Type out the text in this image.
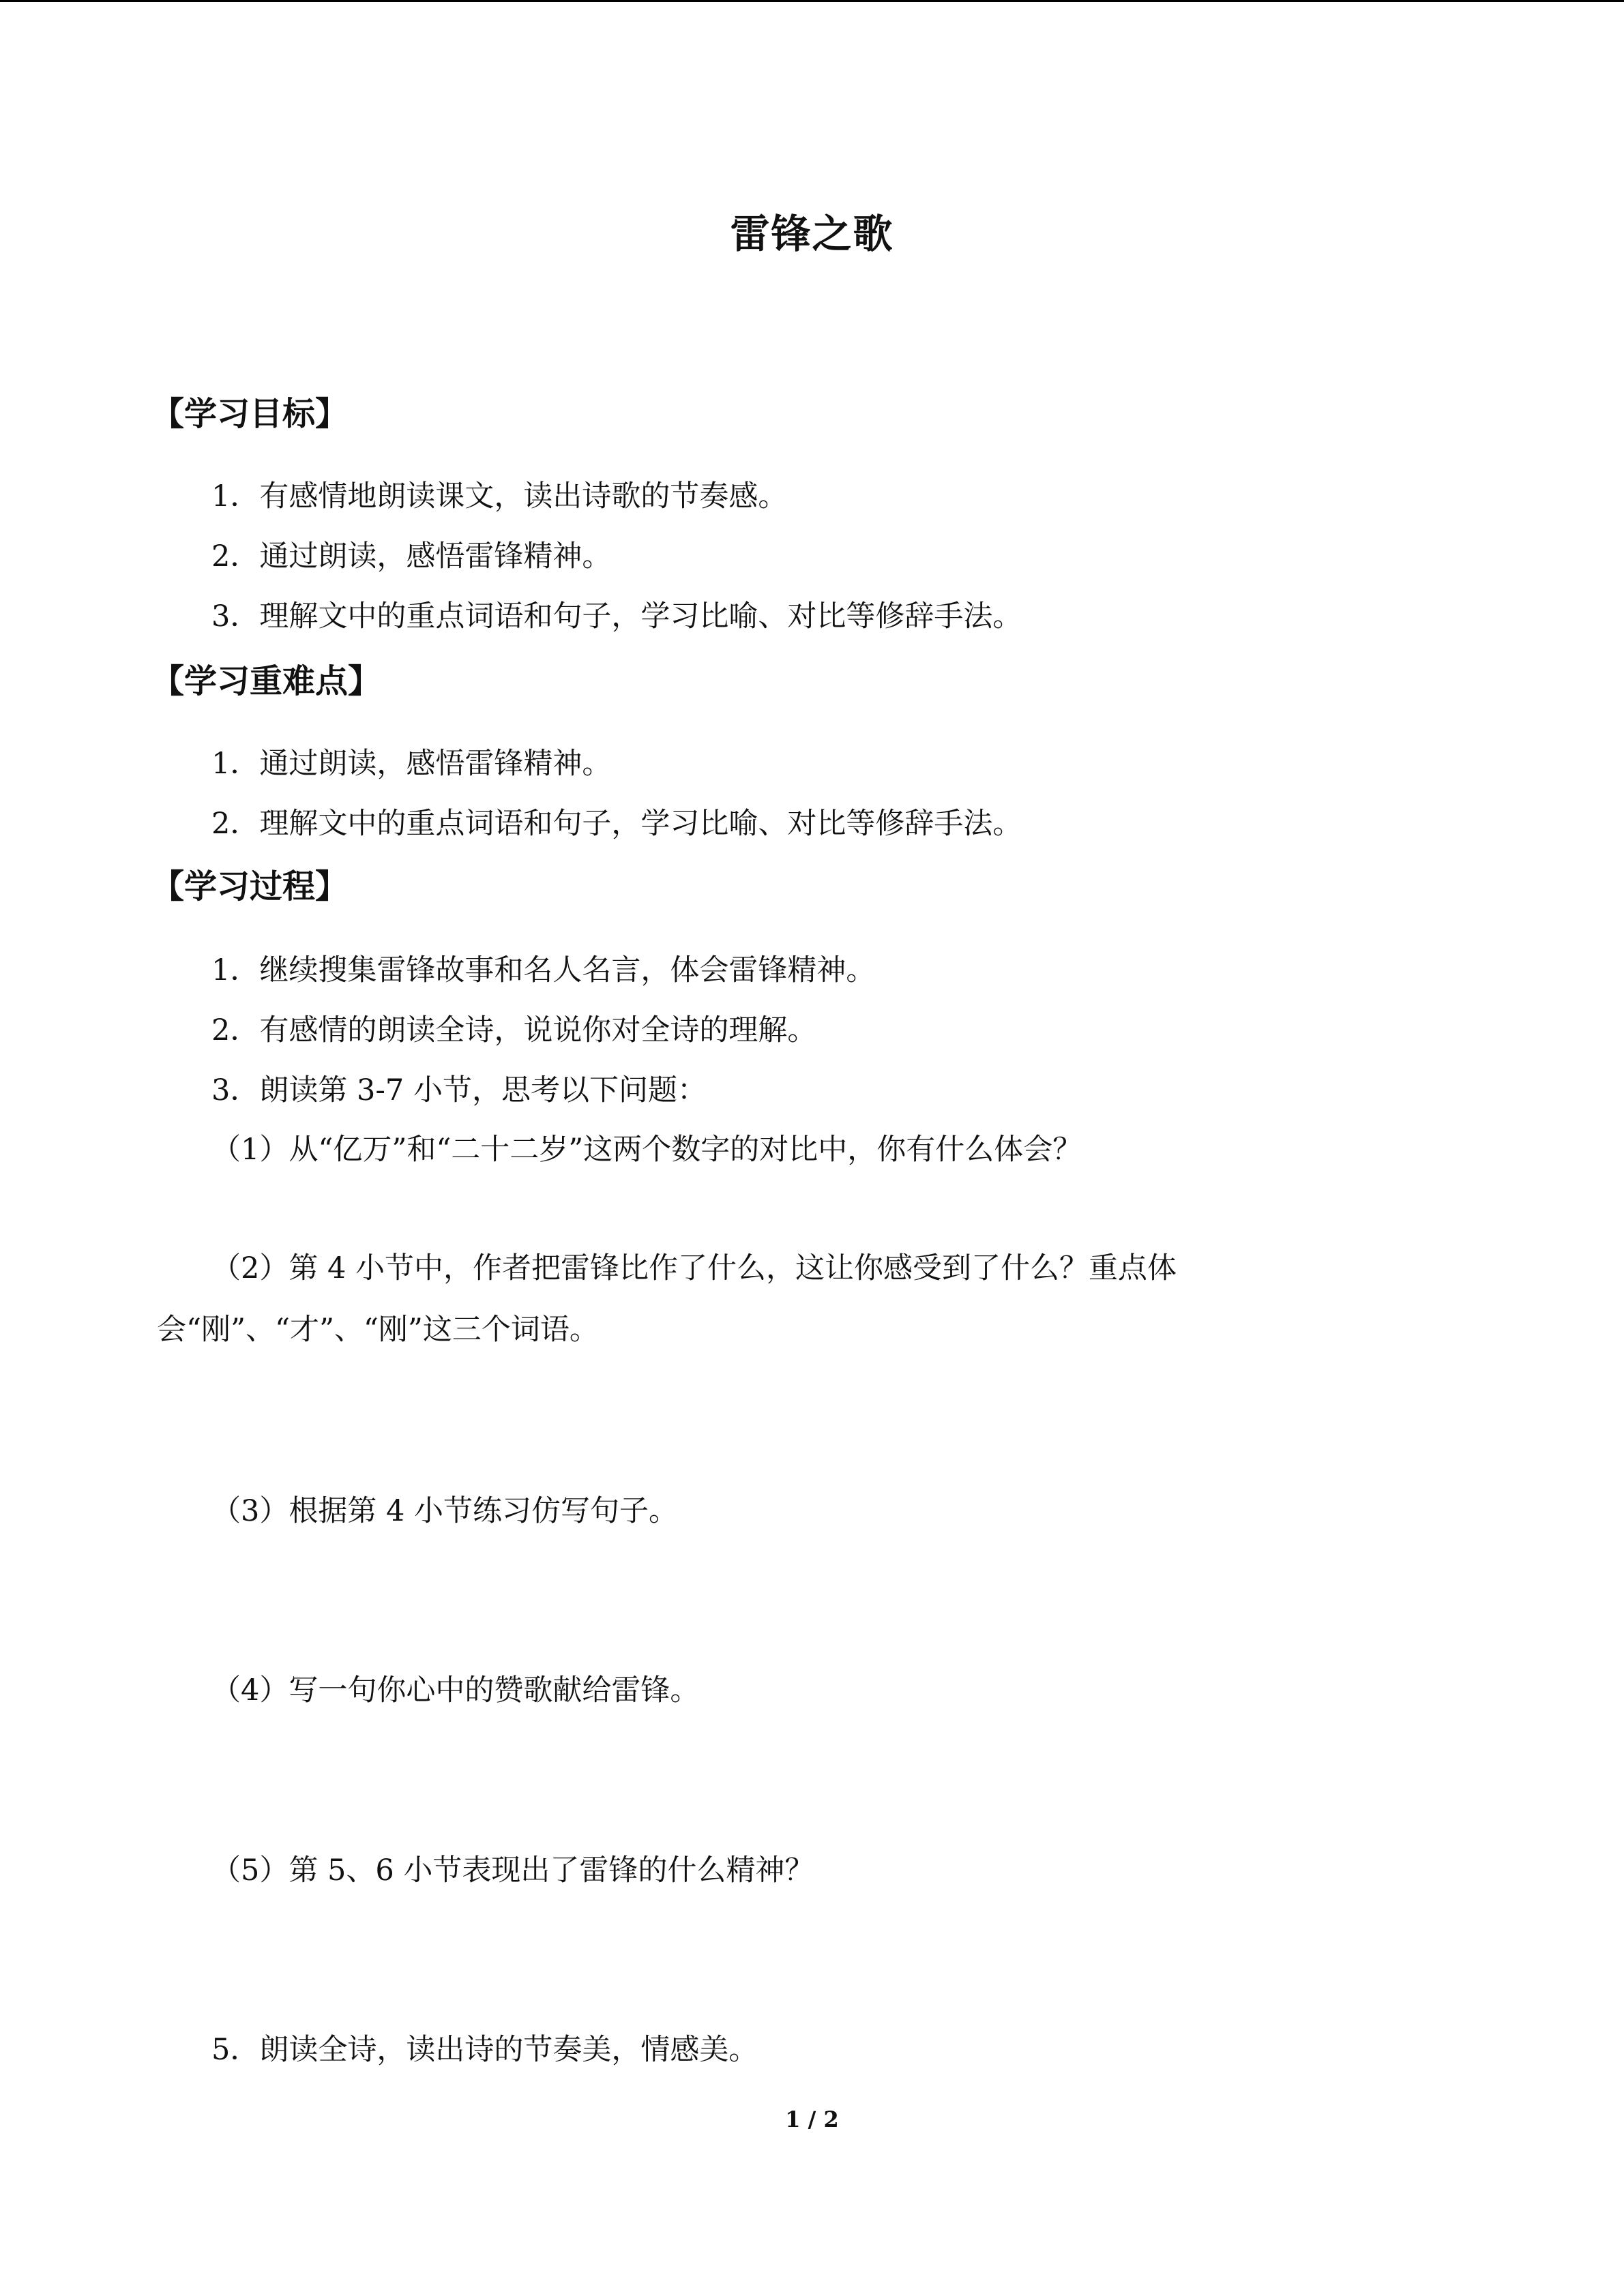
雷锋之歌
【学习目标】
1．有感情地朗读课文，读出诗歌的节奏感。
2．通过朗读，感悟雷锋精神。
3．理解文中的重点词语和句子，学习比喻、对比等修辞手法。
【学习重难点】
1．通过朗读，感悟雷锋精神。
2．理解文中的重点词语和句子，学习比喻、对比等修辞手法。
【学习过程】
1．继续搜集雷锋故事和名人名言，体会雷锋精神。
2．有感情的朗读全诗，说说你对全诗的理解。
3．朗读第 3-7 小节，思考以下问题：
（1）从“亿万”和“二十二岁”这两个数字的对比中，你有什么体会？
（2）第 4 小节中，作者把雷锋比作了什么，这让你感受到了什么？重点体会“刚”、“才”、“刚”这三个词语。
（3）根据第 4 小节练习仿写句子。
（4）写一句你心中的赞歌献给雷锋。
（5）第 5、6 小节表现出了雷锋的什么精神？
5．朗读全诗，读出诗的节奏美，情感美。
1 / 2
